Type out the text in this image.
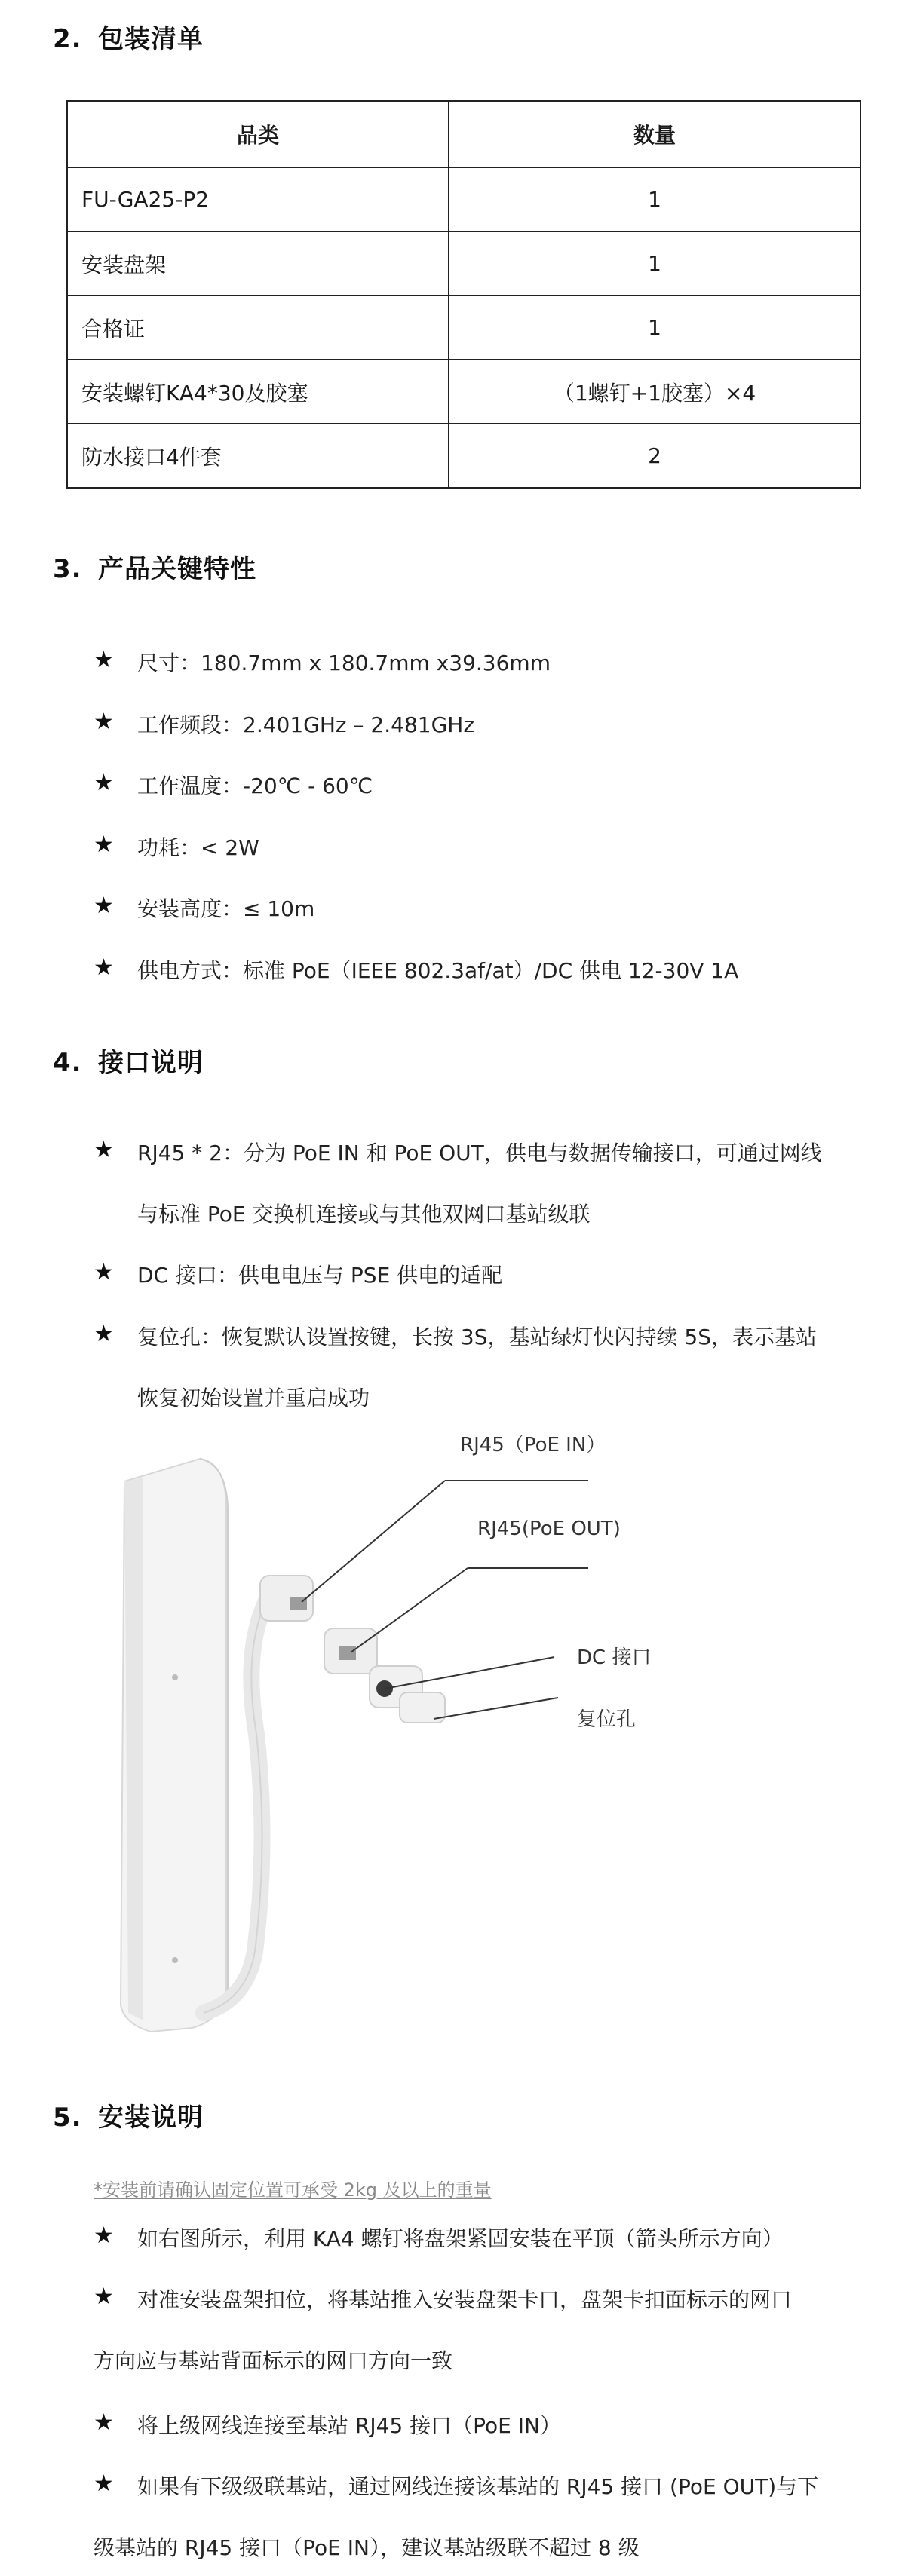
2. 包装清单
品类	数量
FU-GA25-P2	1
安装盘架	1
合格证	1
安装螺钉KA4*30及胶塞	（1螺钉+1胶塞）×4
防水接口4件套	2
3. 产品关键特性
★ 尺寸：180.7mm x 180.7mm x39.36mm
★ 工作频段：2.401GHz – 2.481GHz
★ 工作温度：-20℃ - 60℃
★ 功耗：< 2W
★ 安装高度：≤ 10m
★ 供电方式：标准 PoE（IEEE 802.3af/at）/DC 供电 12-30V 1A
4. 接口说明
★ RJ45 * 2：分为 PoE IN 和 PoE OUT，供电与数据传输接口，可通过网线
与标准 PoE 交换机连接或与其他双网口基站级联
★ DC 接口：供电电压与 PSE 供电的适配
★ 复位孔：恢复默认设置按键，长按 3S，基站绿灯快闪持续 5S，表示基站
恢复初始设置并重启成功
RJ45（PoE IN）
RJ45(PoE OUT)
DC 接口
复位孔
5. 安装说明
*安装前请确认固定位置可承受 2kg 及以上的重量
★ 如右图所示，利用 KA4 螺钉将盘架紧固安装在平顶（箭头所示方向）
★ 对准安装盘架扣位，将基站推入安装盘架卡口，盘架卡扣面标示的网口
方向应与基站背面标示的网口方向一致
★ 将上级网线连接至基站 RJ45 接口（PoE IN）
★ 如果有下级级联基站，通过网线连接该基站的 RJ45 接口 (PoE OUT)与下
级基站的 RJ45 接口（PoE IN），建议基站级联不超过 8 级
